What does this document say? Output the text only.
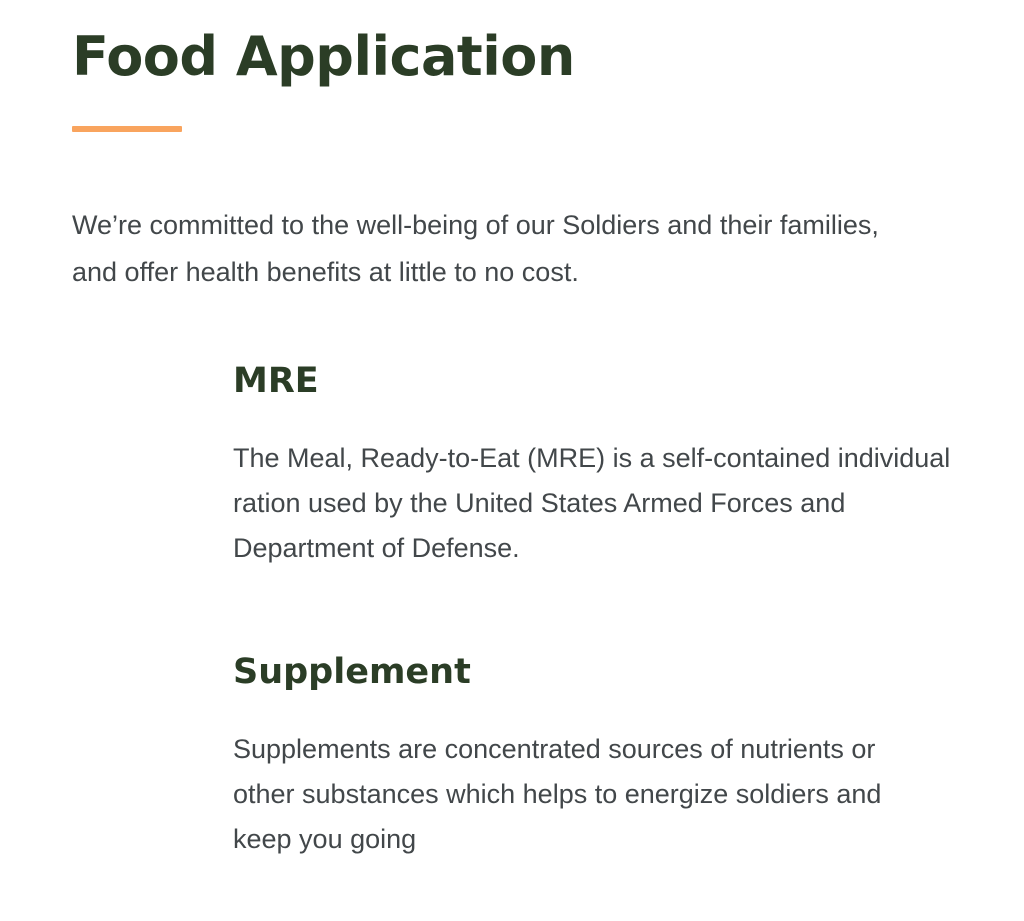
Food Application

We’re committed to the well-being of our Soldiers and their families,
and offer health benefits at little to no cost.

MRE

The Meal, Ready-to-Eat (MRE) is a self-contained individual
ration used by the United States Armed Forces and
Department of Defense.

Supplement

Supplements are concentrated sources of nutrients or
other substances which helps to energize soldiers and
keep you going
